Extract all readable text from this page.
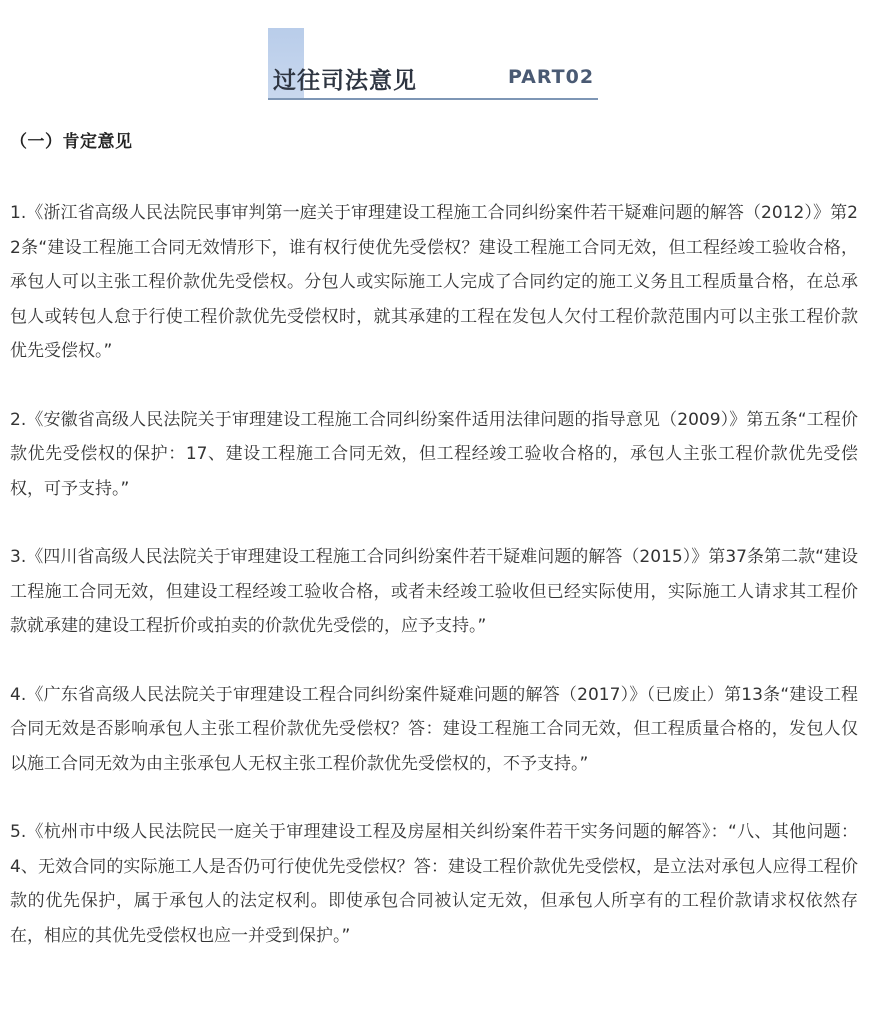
过往司法意见	PART02
（一）肯定意见

1.《浙江省高级人民法院民事审判第一庭关于审理建设工程施工合同纠纷案件若干疑难问题的解答（2012）》第22条“建设工程施工合同无效情形下，谁有权行使优先受偿权？建设工程施工合同无效，但工程经竣工验收合格，承包人可以主张工程价款优先受偿权。分包人或实际施工人完成了合同约定的施工义务且工程质量合格，在总承包人或转包人怠于行使工程价款优先受偿权时，就其承建的工程在发包人欠付工程价款范围内可以主张工程价款优先受偿权。”

2.《安徽省高级人民法院关于审理建设工程施工合同纠纷案件适用法律问题的指导意见（2009）》第五条“工程价款优先受偿权的保护：17、建设工程施工合同无效，但工程经竣工验收合格的，承包人主张工程价款优先受偿权，可予支持。”

3.《四川省高级人民法院关于审理建设工程施工合同纠纷案件若干疑难问题的解答（2015）》第37条第二款“建设工程施工合同无效，但建设工程经竣工验收合格，或者未经竣工验收但已经实际使用，实际施工人请求其工程价款就承建的建设工程折价或拍卖的价款优先受偿的，应予支持。”

4.《广东省高级人民法院关于审理建设工程合同纠纷案件疑难问题的解答（2017）》（已废止）第13条“建设工程合同无效是否影响承包人主张工程价款优先受偿权？答：建设工程施工合同无效，但工程质量合格的，发包人仅以施工合同无效为由主张承包人无权主张工程价款优先受偿权的，不予支持。”

5.《杭州市中级人民法院民一庭关于审理建设工程及房屋相关纠纷案件若干实务问题的解答》：“八、其他问题：4、无效合同的实际施工人是否仍可行使优先受偿权？答：建设工程价款优先受偿权，是立法对承包人应得工程价款的优先保护，属于承包人的法定权利。即使承包合同被认定无效，但承包人所享有的工程价款请求权依然存在，相应的其优先受偿权也应一并受到保护。”
